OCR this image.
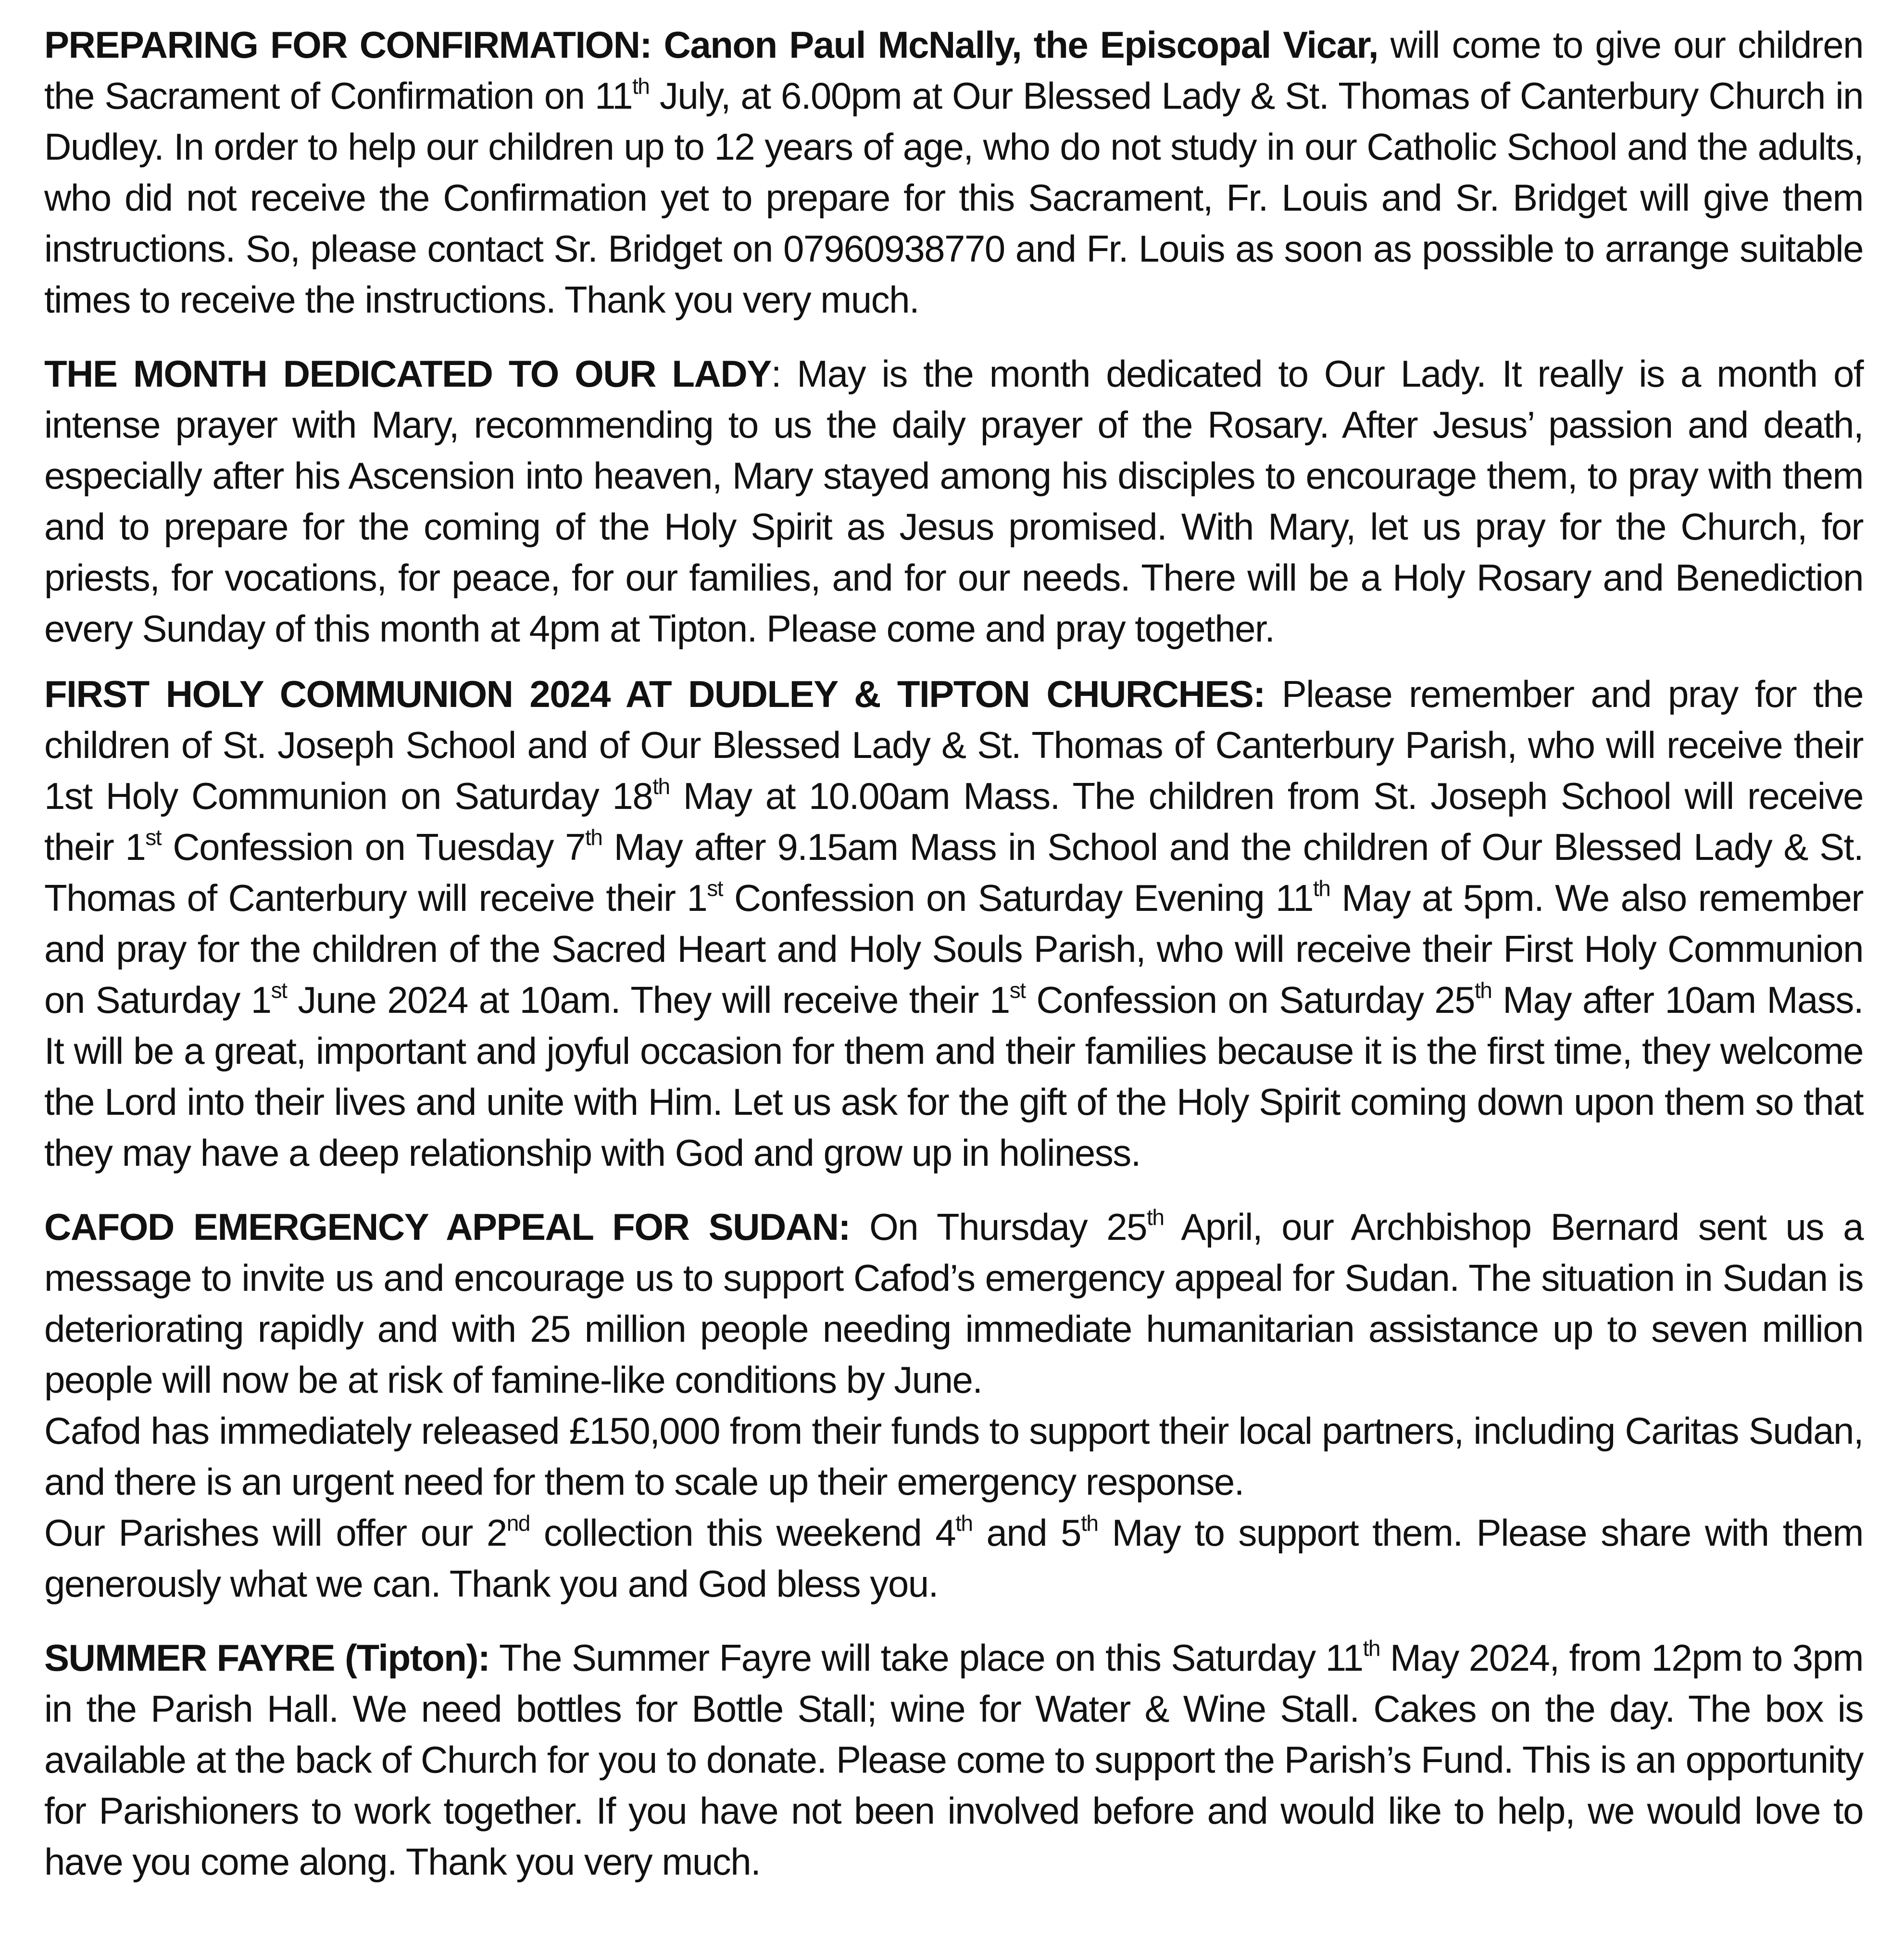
PREPARING FOR CONFIRMATION: Canon Paul McNally, the Episcopal Vicar, will come to give our children the Sacrament of Confirmation on 11th July, at 6.00pm at Our Blessed Lady & St. Thomas of Canterbury Church in Dudley. In order to help our children up to 12 years of age, who do not study in our Catholic School and the adults, who did not receive the Confirmation yet to prepare for this Sacrament, Fr. Louis and Sr. Bridget will give them instructions. So, please contact Sr. Bridget on 07960938770 and Fr. Louis as soon as possible to arrange suitable times to receive the instructions. Thank you very much.

THE MONTH DEDICATED TO OUR LADY: May is the month dedicated to Our Lady. It really is a month of intense prayer with Mary, recommending to us the daily prayer of the Rosary. After Jesus’ passion and death, especially after his Ascension into heaven, Mary stayed among his disciples to encourage them, to pray with them and to prepare for the coming of the Holy Spirit as Jesus promised. With Mary, let us pray for the Church, for priests, for vocations, for peace, for our families, and for our needs. There will be a Holy Rosary and Benediction every Sunday of this month at 4pm at Tipton. Please come and pray together.

FIRST HOLY COMMUNION 2024 AT DUDLEY & TIPTON CHURCHES: Please remember and pray for the children of St. Joseph School and of Our Blessed Lady & St. Thomas of Canterbury Parish, who will receive their 1st Holy Communion on Saturday 18th May at 10.00am Mass. The children from St. Joseph School will receive their 1st Confession on Tuesday 7th May after 9.15am Mass in School and the children of Our Blessed Lady & St. Thomas of Canterbury will receive their 1st Confession on Saturday Evening 11th May at 5pm. We also remember and pray for the children of the Sacred Heart and Holy Souls Parish, who will receive their First Holy Communion on Saturday 1st June 2024 at 10am. They will receive their 1st Confession on Saturday 25th May after 10am Mass. It will be a great, important and joyful occasion for them and their families because it is the first time, they welcome the Lord into their lives and unite with Him. Let us ask for the gift of the Holy Spirit coming down upon them so that they may have a deep relationship with God and grow up in holiness.

CAFOD EMERGENCY APPEAL FOR SUDAN: On Thursday 25th April, our Archbishop Bernard sent us a message to invite us and encourage us to support Cafod’s emergency appeal for Sudan. The situation in Sudan is deteriorating rapidly and with 25 million people needing immediate humanitarian assistance up to seven million people will now be at risk of famine-like conditions by June.
Cafod has immediately released £150,000 from their funds to support their local partners, including Caritas Sudan, and there is an urgent need for them to scale up their emergency response.
Our Parishes will offer our 2nd collection this weekend 4th and 5th May to support them. Please share with them generously what we can. Thank you and God bless you.

SUMMER FAYRE (Tipton): The Summer Fayre will take place on this Saturday 11th May 2024, from 12pm to 3pm in the Parish Hall. We need bottles for Bottle Stall; wine for Water & Wine Stall. Cakes on the day. The box is available at the back of Church for you to donate. Please come to support the Parish’s Fund. This is an opportunity for Parishioners to work together. If you have not been involved before and would like to help, we would love to have you come along. Thank you very much.
